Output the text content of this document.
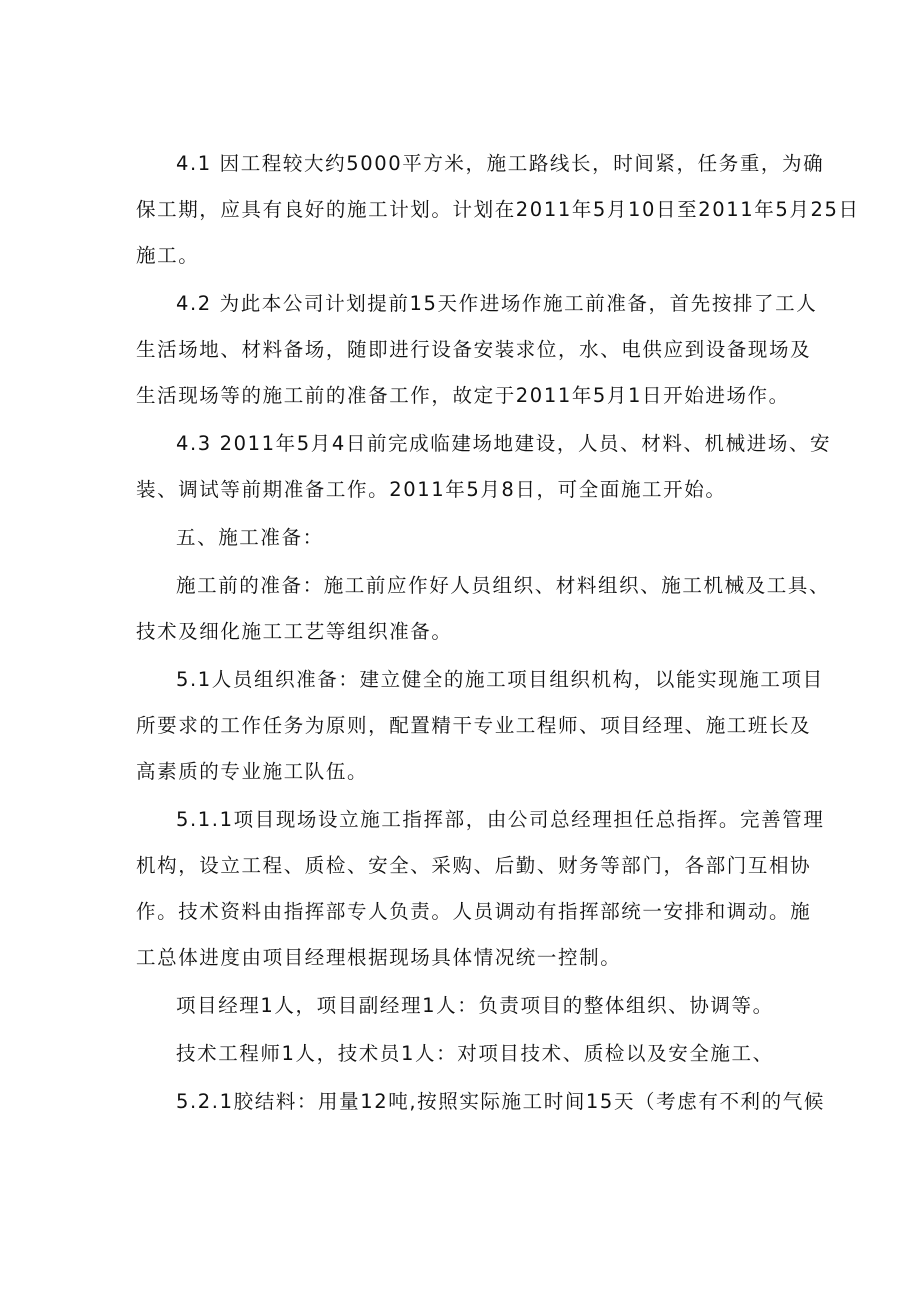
4.1 因工程较大约5000平方米，施工路线长，时间紧，任务重，为确
保工期，应具有良好的施工计划。计划在2011年5月10日至2011年5月25日
施工。
4.2 为此本公司计划提前15天作进场作施工前准备，首先按排了工人
生活场地、材料备场，随即进行设备安装求位，水、电供应到设备现场及
生活现场等的施工前的准备工作，故定于2011年5月1日开始进场作。
4.3 2011年5月4日前完成临建场地建设，人员、材料、机械进场、安
装、调试等前期准备工作。2011年5月8日，可全面施工开始。
五、施工准备：
施工前的准备：施工前应作好人员组织、材料组织、施工机械及工具、
技术及细化施工工艺等组织准备。
5.1人员组织准备：建立健全的施工项目组织机构，以能实现施工项目
所要求的工作任务为原则，配置精干专业工程师、项目经理、施工班长及
高素质的专业施工队伍。
5.1.1项目现场设立施工指挥部，由公司总经理担任总指挥。完善管理
机构，设立工程、质检、安全、采购、后勤、财务等部门，各部门互相协
作。技术资料由指挥部专人负责。人员调动有指挥部统一安排和调动。施
工总体进度由项目经理根据现场具体情况统一控制。
项目经理1人，项目副经理1人：负责项目的整体组织、协调等。
技术工程师1人，技术员1人：对项目技术、质检以及安全施工、
5.2.1胶结料：用量12吨,按照实际施工时间15天（考虑有不利的气候
